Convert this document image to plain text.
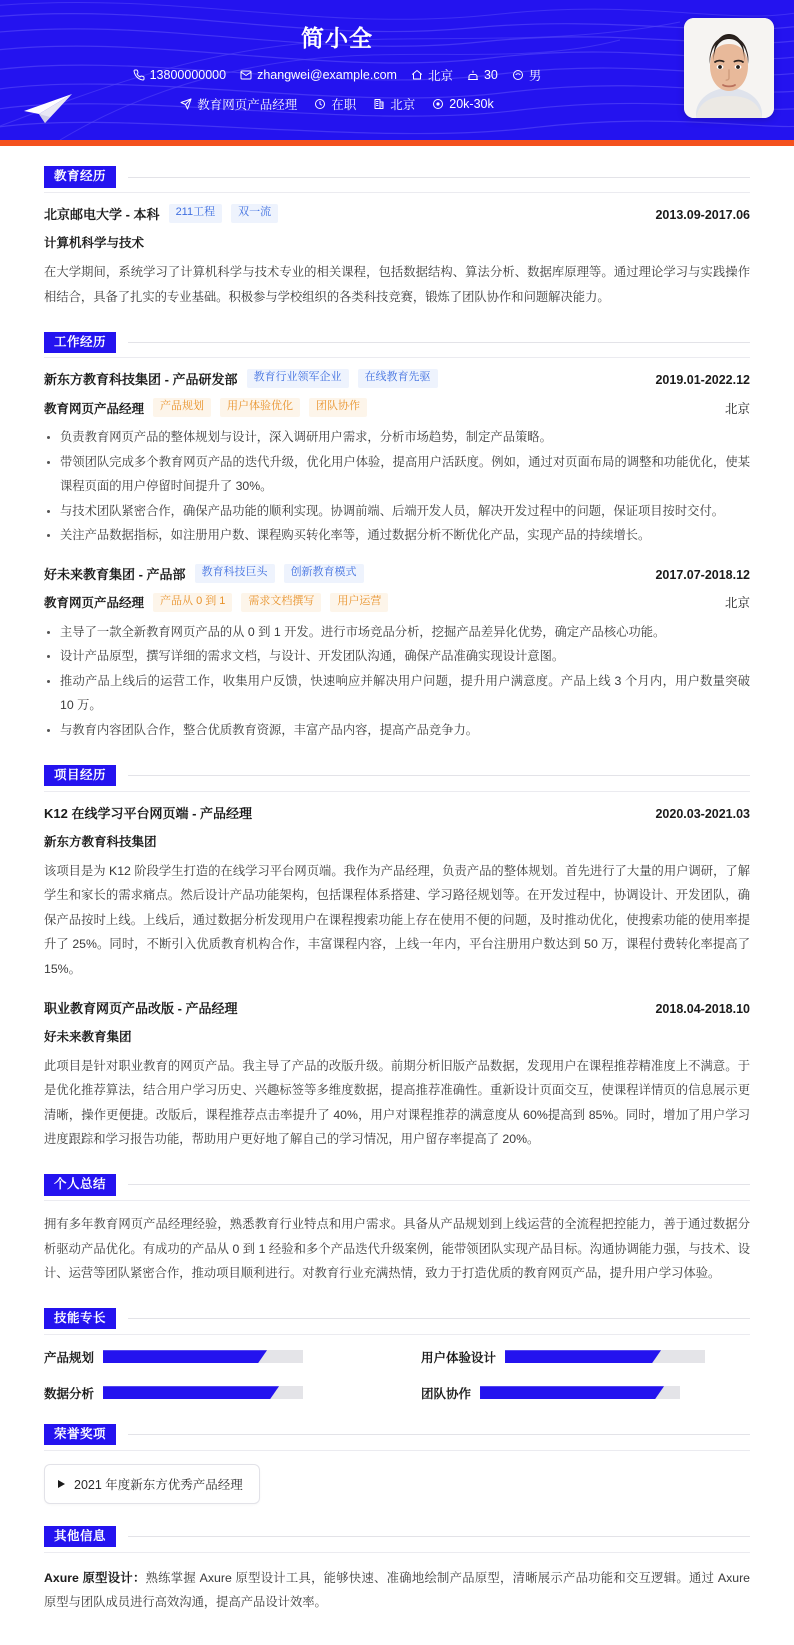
简小全
13800000000 zhangwei@example.com 北京 30 男
教育网页产品经理	在职	北京	20k-30k
教育经历
北京邮电大学 - 本科	211工程	双一流	2013.09-2017.06
计算机科学与技术
在大学期间，系统学习了计算机科学与技术专业的相关课程，包括数据结构、算法分析、数据库原理等。通过理论学习与实践操作相结合，具备了扎实的专业基础。积极参与学校组织的各类科技竞赛，锻炼了团队协作和问题解决能力。
工作经历
新东方教育科技集团 - 产品研发部	教育行业领军企业	在线教育先驱	2019.01-2022.12
教育网页产品经理	产品规划	用户体验优化	团队协作	北京
负责教育网页产品的整体规划与设计，深入调研用户需求，分析市场趋势，制定产品策略。
带领团队完成多个教育网页产品的迭代升级，优化用户体验，提高用户活跃度。例如，通过对页面布局的调整和功能优化，使某课程页面的用户停留时间提升了 30%。
与技术团队紧密合作，确保产品功能的顺利实现。协调前端、后端开发人员，解决开发过程中的问题，保证项目按时交付。
关注产品数据指标，如注册用户数、课程购买转化率等，通过数据分析不断优化产品，实现产品的持续增长。
好未来教育集团 - 产品部	教育科技巨头	创新教育模式	2017.07-2018.12
教育网页产品经理	产品从 0 到 1	需求文档撰写	用户运营	北京
主导了一款全新教育网页产品的从 0 到 1 开发。进行市场竞品分析，挖掘产品差异化优势，确定产品核心功能。
设计产品原型，撰写详细的需求文档，与设计、开发团队沟通，确保产品准确实现设计意图。
推动产品上线后的运营工作，收集用户反馈，快速响应并解决用户问题，提升用户满意度。产品上线 3 个月内，用户数量突破 10 万。
与教育内容团队合作，整合优质教育资源，丰富产品内容，提高产品竞争力。
项目经历
K12 在线学习平台网页端 - 产品经理	2020.03-2021.03
新东方教育科技集团
该项目是为 K12 阶段学生打造的在线学习平台网页端。我作为产品经理，负责产品的整体规划。首先进行了大量的用户调研，了解学生和家长的需求痛点。然后设计产品功能架构，包括课程体系搭建、学习路径规划等。在开发过程中，协调设计、开发团队，确保产品按时上线。上线后，通过数据分析发现用户在课程搜索功能上存在使用不便的问题，及时推动优化，使搜索功能的使用率提升了 25%。同时，不断引入优质教育机构合作，丰富课程内容，上线一年内，平台注册用户数达到 50 万，课程付费转化率提高了 15%。
职业教育网页产品改版 - 产品经理	2018.04-2018.10
好未来教育集团
此项目是针对职业教育的网页产品。我主导了产品的改版升级。前期分析旧版产品数据，发现用户在课程推荐精准度上不满意。于是优化推荐算法，结合用户学习历史、兴趣标签等多维度数据，提高推荐准确性。重新设计页面交互，使课程详情页的信息展示更清晰，操作更便捷。改版后，课程推荐点击率提升了 40%，用户对课程推荐的满意度从 60%提高到 85%。同时，增加了用户学习进度跟踪和学习报告功能，帮助用户更好地了解自己的学习情况，用户留存率提高了 20%。
个人总结
拥有多年教育网页产品经理经验，熟悉教育行业特点和用户需求。具备从产品规划到上线运营的全流程把控能力，善于通过数据分析驱动产品优化。有成功的产品从 0 到 1 经验和多个产品迭代升级案例，能带领团队实现产品目标。沟通协调能力强，与技术、设计、运营等团队紧密合作，推动项目顺利进行。对教育行业充满热情，致力于打造优质的教育网页产品，提升用户学习体验。
技能专长
产品规划	用户体验设计
数据分析	团队协作
荣誉奖项
2021 年度新东方优秀产品经理
其他信息
Axure 原型设计：熟练掌握 Axure 原型设计工具，能够快速、准确地绘制产品原型，清晰展示产品功能和交互逻辑。通过 Axure 原型与团队成员进行高效沟通，提高产品设计效率。
